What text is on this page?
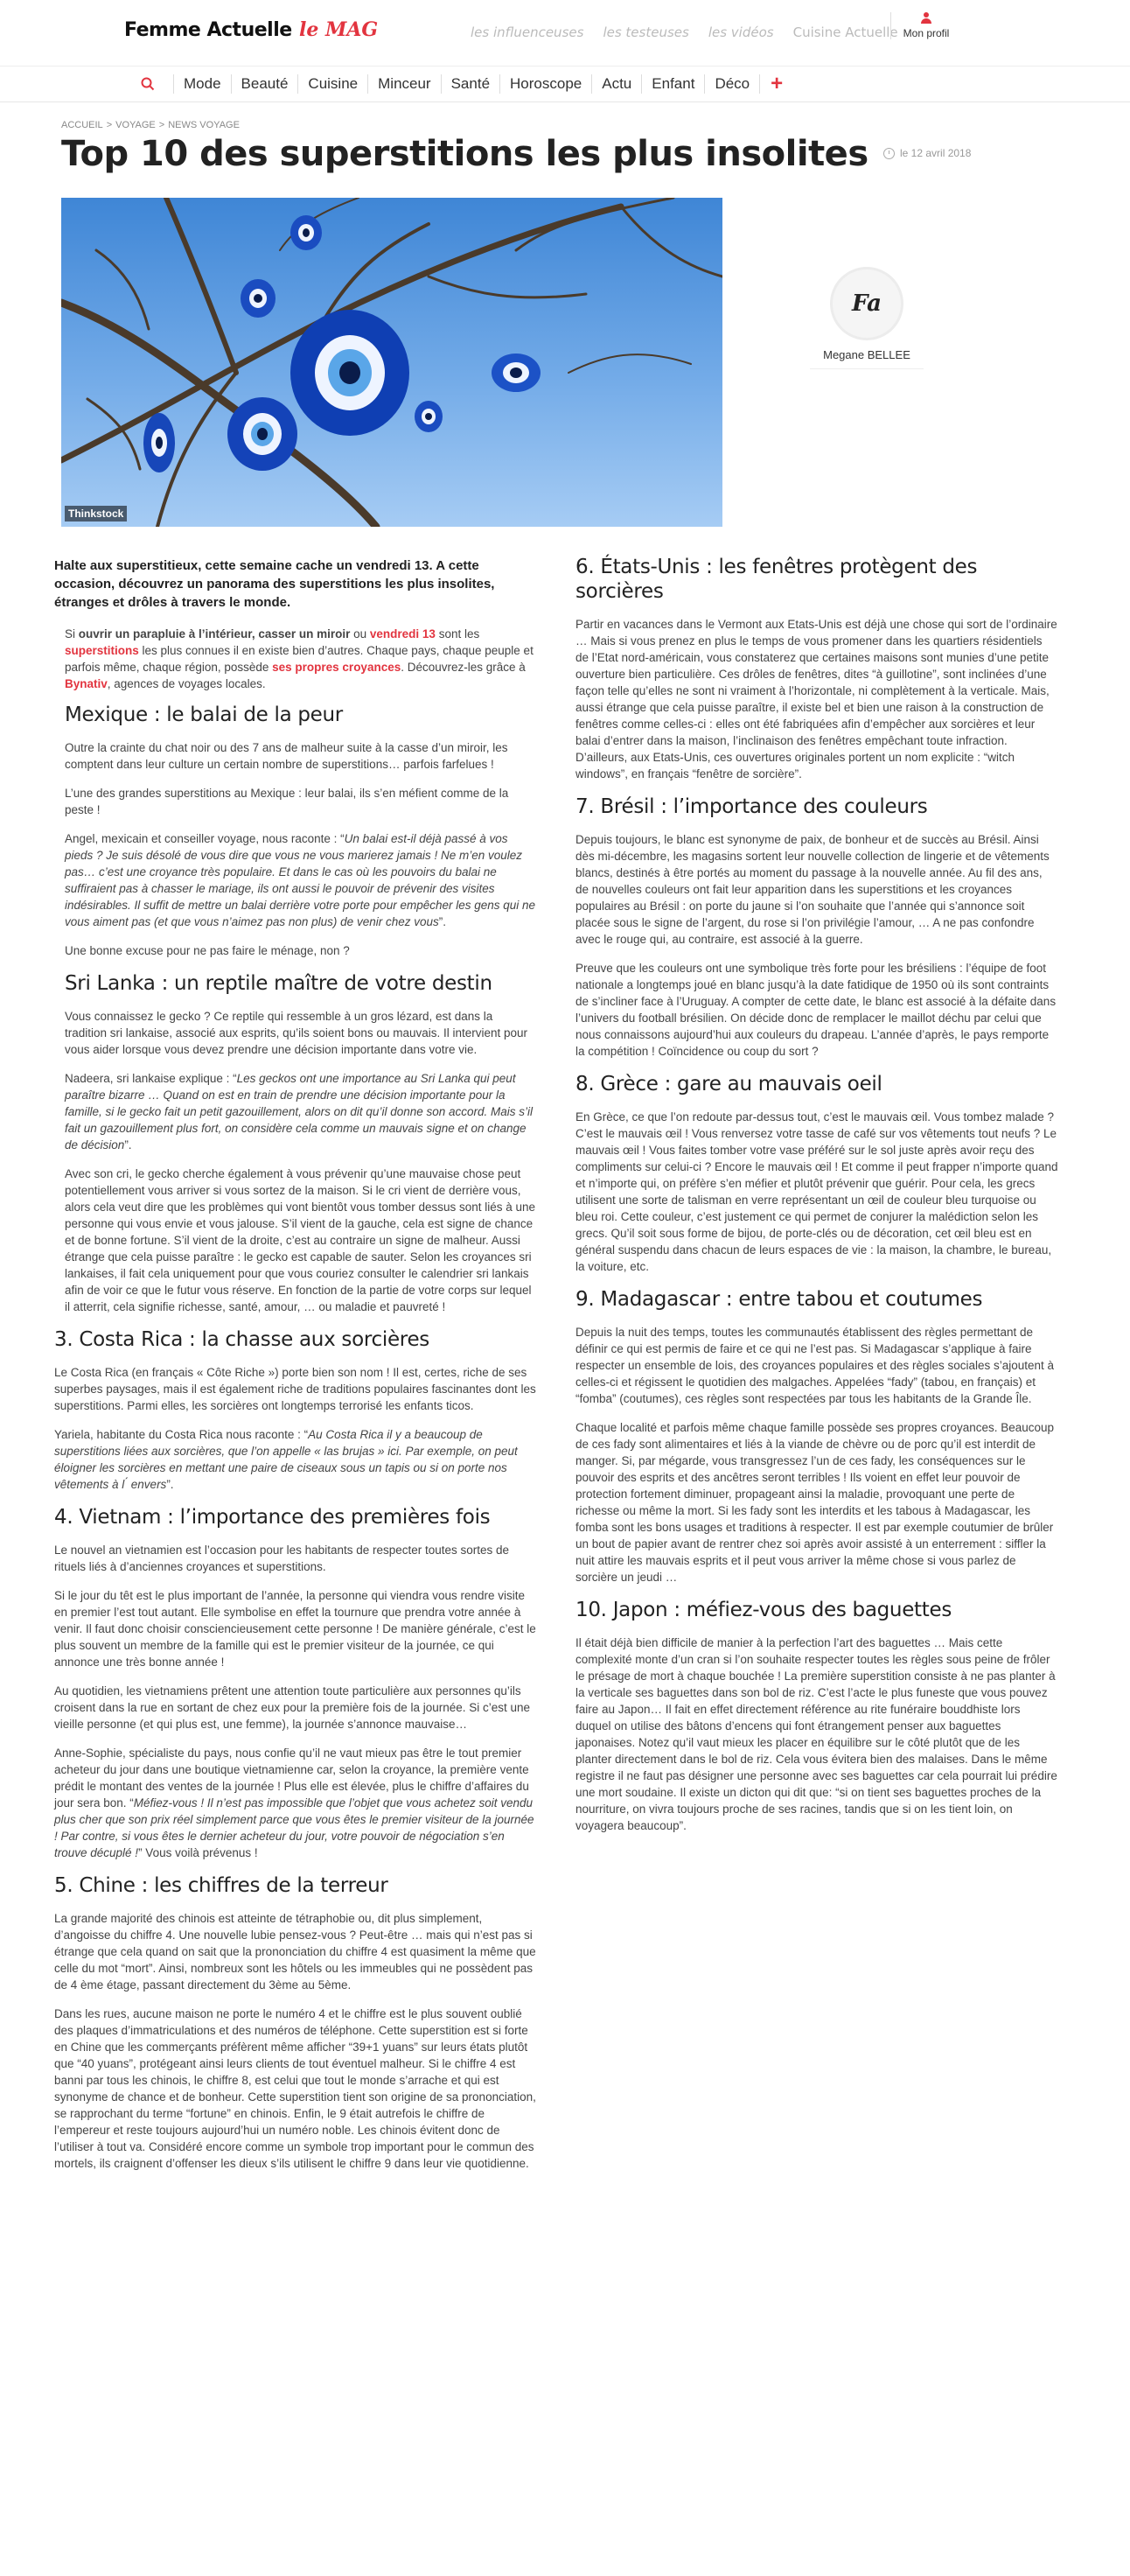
Femme Actuelle le MAG	les influenceuses les testeuses les vidéos Cuisine Actuelle Mon profil
Mode	Beauté	Cuisine	Minceur	Santé	Horoscope	Actu	Enfant	Déco	+
ACCUEIL > VOYAGE > NEWS VOYAGE
Top 10 des superstitions les plus insolites	le 12 avril 2018
Thinkstock
Fa
Megane BELLEE

Halte aux superstitieux, cette semaine cache un vendredi 13. A cette occasion, découvrez un panorama des superstitions les plus insolites, étranges et drôles à travers le monde.

Si ouvrir un parapluie à l’intérieur, casser un miroir ou vendredi 13 sont les superstitions les plus connues il en existe bien d’autres. Chaque pays, chaque peuple et parfois même, chaque région, possède ses propres croyances. Découvrez-les grâce à Bynativ, agences de voyages locales.

Mexique : le balai de la peur

Outre la crainte du chat noir ou des 7 ans de malheur suite à la casse d’un miroir, les comptent dans leur culture un certain nombre de superstitions… parfois farfelues !

L’une des grandes superstitions au Mexique : leur balai, ils s’en méfient comme de la peste !

Angel, mexicain et conseiller voyage, nous raconte : “Un balai est-il déjà passé à vos pieds ? Je suis désolé de vous dire que vous ne vous marierez jamais ! Ne m’en voulez pas… c’est une croyance très populaire. Et dans le cas où les pouvoirs du balai ne suffiraient pas à chasser le mariage, ils ont aussi le pouvoir de prévenir des visites indésirables. Il suffit de mettre un balai derrière votre porte pour empêcher les gens qui ne vous aiment pas (et que vous n’aimez pas non plus) de venir chez vous”.

Une bonne excuse pour ne pas faire le ménage, non ?

Sri Lanka : un reptile maître de votre destin

Vous connaissez le gecko ? Ce reptile qui ressemble à un gros lézard, est dans la tradition sri lankaise, associé aux esprits, qu’ils soient bons ou mauvais. Il intervient pour vous aider lorsque vous devez prendre une décision importante dans votre vie.

Nadeera, sri lankaise explique : “Les geckos ont une importance au Sri Lanka qui peut paraître bizarre … Quand on est en train de prendre une décision importante pour la famille, si le gecko fait un petit gazouillement, alors on dit qu’il donne son accord. Mais s’il fait un gazouillement plus fort, on considère cela comme un mauvais signe et on change de décision”.

Avec son cri, le gecko cherche également à vous prévenir qu’une mauvaise chose peut potentiellement vous arriver si vous sortez de la maison. Si le cri vient de derrière vous, alors cela veut dire que les problèmes qui vont bientôt vous tomber dessus sont liés à une personne qui vous envie et vous jalouse. S’il vient de la gauche, cela est signe de chance et de bonne fortune. S’il vient de la droite, c’est au contraire un signe de malheur. Aussi étrange que cela puisse paraître : le gecko est capable de sauter. Selon les croyances sri lankaises, il fait cela uniquement pour que vous couriez consulter le calendrier sri lankais afin de voir ce que le futur vous réserve. En fonction de la partie de votre corps sur lequel il atterrit, cela signifie richesse, santé, amour, … ou maladie et pauvreté !

3. Costa Rica : la chasse aux sorcières

Le Costa Rica (en français « Côte Riche ») porte bien son nom ! Il est, certes, riche de ses superbes paysages, mais il est également riche de traditions populaires fascinantes dont les superstitions. Parmi elles, les sorcières ont longtemps terrorisé les enfants ticos.

Yariela, habitante du Costa Rica nous raconte : “Au Costa Rica il y a beaucoup de superstitions liées aux sorcières, que l’on appelle « las brujas » ici. Par exemple, on peut éloigner les sorcières en mettant une paire de ciseaux sous un tapis ou si on porte nos vêtements à l ́ envers”.

4. Vietnam : l’importance des premières fois

Le nouvel an vietnamien est l’occasion pour les habitants de respecter toutes sortes de rituels liés à d’anciennes croyances et superstitions.

Si le jour du têt est le plus important de l’année, la personne qui viendra vous rendre visite en premier l’est tout autant. Elle symbolise en effet la tournure que prendra votre année à venir. Il faut donc choisir consciencieusement cette personne ! De manière générale, c’est le plus souvent un membre de la famille qui est le premier visiteur de la journée, ce qui annonce une très bonne année !

Au quotidien, les vietnamiens prêtent une attention toute particulière aux personnes qu’ils croisent dans la rue en sortant de chez eux pour la première fois de la journée. Si c’est une vieille personne (et qui plus est, une femme), la journée s’annonce mauvaise…

Anne-Sophie, spécialiste du pays, nous confie qu’il ne vaut mieux pas être le tout premier acheteur du jour dans une boutique vietnamienne car, selon la croyance, la première vente prédit le montant des ventes de la journée ! Plus elle est élevée, plus le chiffre d’affaires du jour sera bon. “Méfiez-vous ! Il n’est pas impossible que l’objet que vous achetez soit vendu plus cher que son prix réel simplement parce que vous êtes le premier visiteur de la journée ! Par contre, si vous êtes le dernier acheteur du jour, votre pouvoir de négociation s’en trouve décuplé !” Vous voilà prévenus !

5. Chine : les chiffres de la terreur

La grande majorité des chinois est atteinte de tétraphobie ou, dit plus simplement, d’angoisse du chiffre 4. Une nouvelle lubie pensez-vous ? Peut-être … mais qui n’est pas si étrange que cela quand on sait que la prononciation du chiffre 4 est quasiment la même que celle du mot “mort”. Ainsi, nombreux sont les hôtels ou les immeubles qui ne possèdent pas de 4 ème étage, passant directement du 3ème au 5ème.

Dans les rues, aucune maison ne porte le numéro 4 et le chiffre est le plus souvent oublié des plaques d’immatriculations et des numéros de téléphone. Cette superstition est si forte en Chine que les commerçants préfèrent même afficher “39+1 yuans” sur leurs états plutôt que “40 yuans”, protégeant ainsi leurs clients de tout éventuel malheur. Si le chiffre 4 est banni par tous les chinois, le chiffre 8, est celui que tout le monde s’arrache et qui est synonyme de chance et de bonheur. Cette superstition tient son origine de sa prononciation, se rapprochant du terme “fortune” en chinois. Enfin, le 9 était autrefois le chiffre de l’empereur et reste toujours aujourd’hui un numéro noble. Les chinois évitent donc de l’utiliser à tout va. Considéré encore comme un symbole trop important pour le commun des mortels, ils craignent d’offenser les dieux s’ils utilisent le chiffre 9 dans leur vie quotidienne.

6. États-Unis : les fenêtres protègent des sorcières

Partir en vacances dans le Vermont aux Etats-Unis est déjà une chose qui sort de l’ordinaire … Mais si vous prenez en plus le temps de vous promener dans les quartiers résidentiels de l’Etat nord-américain, vous constaterez que certaines maisons sont munies d’une petite ouverture bien particulière. Ces drôles de fenêtres, dites “à guillotine”, sont inclinées d’une façon telle qu’elles ne sont ni vraiment à l’horizontale, ni complètement à la verticale. Mais, aussi étrange que cela puisse paraître, il existe bel et bien une raison à la construction de fenêtres comme celles-ci : elles ont été fabriquées afin d’empêcher aux sorcières et leur balai d’entrer dans la maison, l’inclinaison des fenêtres empêchant toute infraction. D’ailleurs, aux Etats-Unis, ces ouvertures originales portent un nom explicite : “witch windows”, en français “fenêtre de sorcière”.

7. Brésil : l’importance des couleurs

Depuis toujours, le blanc est synonyme de paix, de bonheur et de succès au Brésil. Ainsi dès mi-décembre, les magasins sortent leur nouvelle collection de lingerie et de vêtements blancs, destinés à être portés au moment du passage à la nouvelle année. Au fil des ans, de nouvelles couleurs ont fait leur apparition dans les superstitions et les croyances populaires au Brésil : on porte du jaune si l’on souhaite que l’année qui s’annonce soit placée sous le signe de l’argent, du rose si l’on privilégie l’amour, … A ne pas confondre avec le rouge qui, au contraire, est associé à la guerre.

Preuve que les couleurs ont une symbolique très forte pour les brésiliens : l’équipe de foot nationale a longtemps joué en blanc jusqu’à la date fatidique de 1950 où ils sont contraints de s’incliner face à l’Uruguay. A compter de cette date, le blanc est associé à la défaite dans l’univers du football brésilien. On décide donc de remplacer le maillot déchu par celui que nous connaissons aujourd’hui aux couleurs du drapeau. L’année d’après, le pays remporte la compétition ! Coïncidence ou coup du sort ?

8. Grèce : gare au mauvais oeil

En Grèce, ce que l’on redoute par-dessus tout, c’est le mauvais œil. Vous tombez malade ? C’est le mauvais œil ! Vous renversez votre tasse de café sur vos vêtements tout neufs ? Le mauvais œil ! Vous faites tomber votre vase préféré sur le sol juste après avoir reçu des compliments sur celui-ci ? Encore le mauvais œil ! Et comme il peut frapper n’importe quand et n’importe qui, on préfère s’en méfier et plutôt prévenir que guérir. Pour cela, les grecs utilisent une sorte de talisman en verre représentant un œil de couleur bleu turquoise ou bleu roi. Cette couleur, c’est justement ce qui permet de conjurer la malédiction selon les grecs. Qu’il soit sous forme de bijou, de porte-clés ou de décoration, cet œil bleu est en général suspendu dans chacun de leurs espaces de vie : la maison, la chambre, le bureau, la voiture, etc.

9. Madagascar : entre tabou et coutumes

Depuis la nuit des temps, toutes les communautés établissent des règles permettant de définir ce qui est permis de faire et ce qui ne l’est pas. Si Madagascar s’applique à faire respecter un ensemble de lois, des croyances populaires et des règles sociales s’ajoutent à celles-ci et régissent le quotidien des malgaches. Appelées “fady” (tabou, en français) et “fomba” (coutumes), ces règles sont respectées par tous les habitants de la Grande Île.

Chaque localité et parfois même chaque famille possède ses propres croyances. Beaucoup de ces fady sont alimentaires et liés à la viande de chèvre ou de porc qu’il est interdit de manger. Si, par mégarde, vous transgressez l’un de ces fady, les conséquences sur le pouvoir des esprits et des ancêtres seront terribles ! Ils voient en effet leur pouvoir de protection fortement diminuer, propageant ainsi la maladie, provoquant une perte de richesse ou même la mort. Si les fady sont les interdits et les tabous à Madagascar, les fomba sont les bons usages et traditions à respecter. Il est par exemple coutumier de brûler un bout de papier avant de rentrer chez soi après avoir assisté à un enterrement : siffler la nuit attire les mauvais esprits et il peut vous arriver la même chose si vous parlez de sorcière un jeudi …

10. Japon : méfiez-vous des baguettes

Il était déjà bien difficile de manier à la perfection l’art des baguettes … Mais cette complexité monte d’un cran si l’on souhaite respecter toutes les règles sous peine de frôler le présage de mort à chaque bouchée ! La première superstition consiste à ne pas planter à la verticale ses baguettes dans son bol de riz. C’est l’acte le plus funeste que vous pouvez faire au Japon… Il fait en effet directement référence au rite funéraire bouddhiste lors duquel on utilise des bâtons d’encens qui font étrangement penser aux baguettes japonaises. Notez qu’il vaut mieux les placer en équilibre sur le côté plutôt que de les planter directement dans le bol de riz. Cela vous évitera bien des malaises. Dans le même registre il ne faut pas désigner une personne avec ses baguettes car cela pourrait lui prédire une mort soudaine. Il existe un dicton qui dit que: “si on tient ses baguettes proches de la nourriture, on vivra toujours proche de ses racines, tandis que si on les tient loin, on voyagera beaucoup”.
